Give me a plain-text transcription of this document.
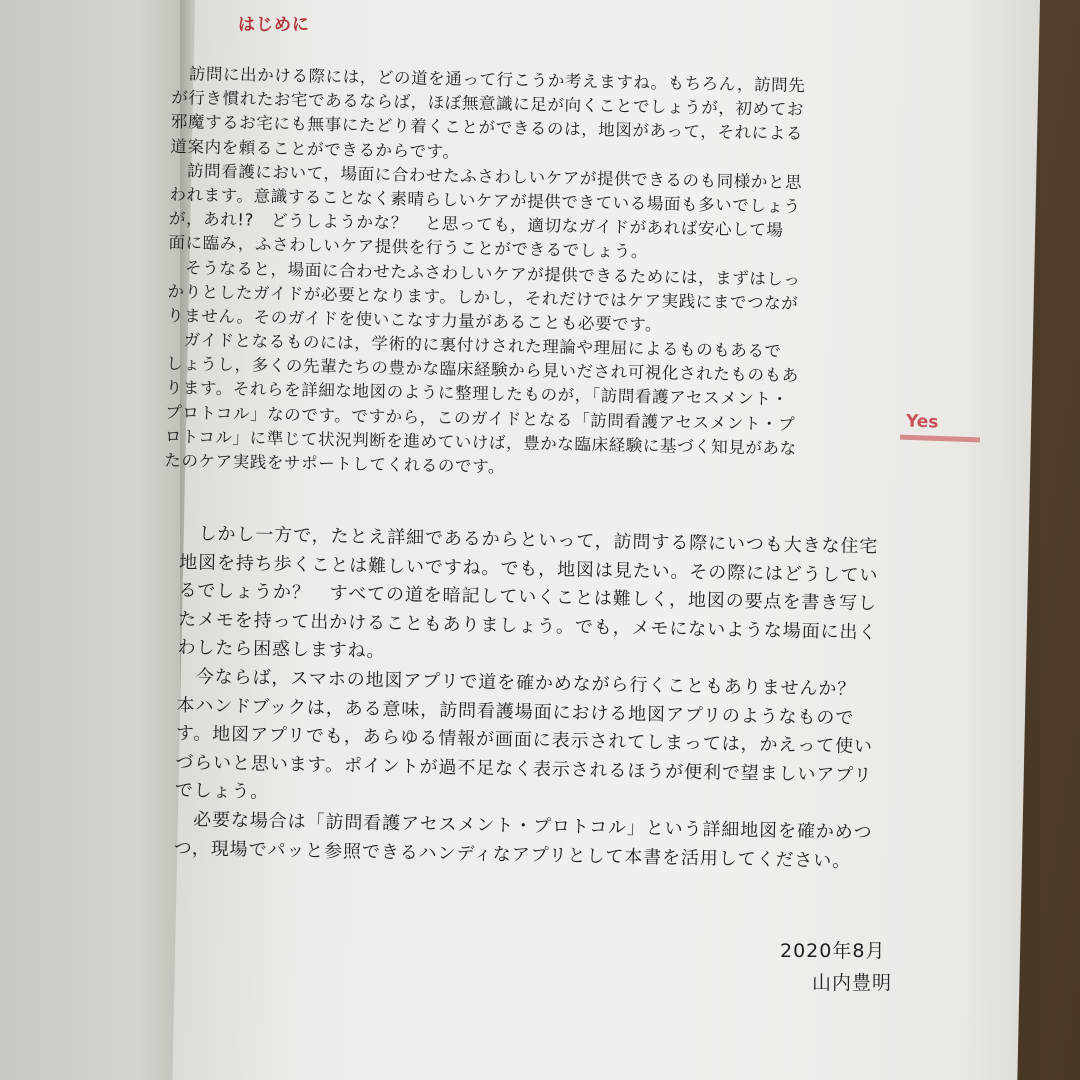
はじめに
　訪問に出かける際には，どの道を通って行こうか考えますね。もちろん，訪問先
が行き慣れたお宅であるならば，ほぼ無意識に足が向くことでしょうが，初めてお
邪魔するお宅にも無事にたどり着くことができるのは，地図があって，それによる
道案内を頼ることができるからです。
　訪問看護において，場面に合わせたふさわしいケアが提供できるのも同様かと思
われます。意識することなく素晴らしいケアが提供できている場面も多いでしょう
が，あれ!?　どうしようかな？　と思っても，適切なガイドがあれば安心して場
面に臨み，ふさわしいケア提供を行うことができるでしょう。
　そうなると，場面に合わせたふさわしいケアが提供できるためには，まずはしっ
かりとしたガイドが必要となります。しかし，それだけではケア実践にまでつなが
りません。そのガイドを使いこなす力量があることも必要です。
　ガイドとなるものには，学術的に裏付けされた理論や理屈によるものもあるで
しょうし，多くの先輩たちの豊かな臨床経験から見いだされ可視化されたものもあ
ります。それらを詳細な地図のように整理したものが，「訪問看護アセスメント・
プロトコル」なのです。ですから，このガイドとなる「訪問看護アセスメント・プ
ロトコル」に準じて状況判断を進めていけば，豊かな臨床経験に基づく知見があな
たのケア実践をサポートしてくれるのです。
　しかし一方で，たとえ詳細であるからといって，訪問する際にいつも大きな住宅
地図を持ち歩くことは難しいですね。でも，地図は見たい。その際にはどうしてい
るでしょうか？　すべての道を暗記していくことは難しく，地図の要点を書き写し
たメモを持って出かけることもありましょう。でも，メモにないような場面に出く
わしたら困惑しますね。
　今ならば，スマホの地図アプリで道を確かめながら行くこともありませんか？
本ハンドブックは，ある意味，訪問看護場面における地図アプリのようなもので
す。地図アプリでも，あらゆる情報が画面に表示されてしまっては，かえって使い
づらいと思います。ポイントが過不足なく表示されるほうが便利で望ましいアプリ
でしょう。
　必要な場合は「訪問看護アセスメント・プロトコル」という詳細地図を確かめつ
つ，現場でパッと参照できるハンディなアプリとして本書を活用してください。
Yes
2020年8月
山内豊明
